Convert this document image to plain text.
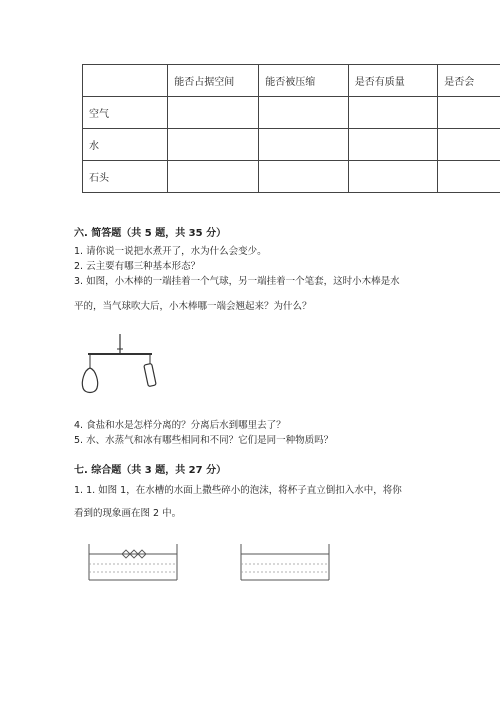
	能否占据空间	能否被压缩	是否有质量	是否会
空气				
水				
石头				
六. 简答题（共 5 题，共 35 分）
1. 请你说一说把水煮开了，水为什么会变少。
2. 云主要有哪三种基本形态？
3. 如图，小木棒的一端挂着一个气球，另一端挂着一个笔套，这时小木棒是水
平的，当气球吹大后，小木棒哪一端会翘起来？为什么？
4. 食盐和水是怎样分离的？分离后水到哪里去了？
5. 水、水蒸气和冰有哪些相同和不同？它们是同一种物质吗？
七. 综合题（共 3 题，共 27 分）
1. 1. 如图 1，在水槽的水面上撒些碎小的泡沫，将杯子直立倒扣入水中，将你
看到的现象画在图 2 中。
